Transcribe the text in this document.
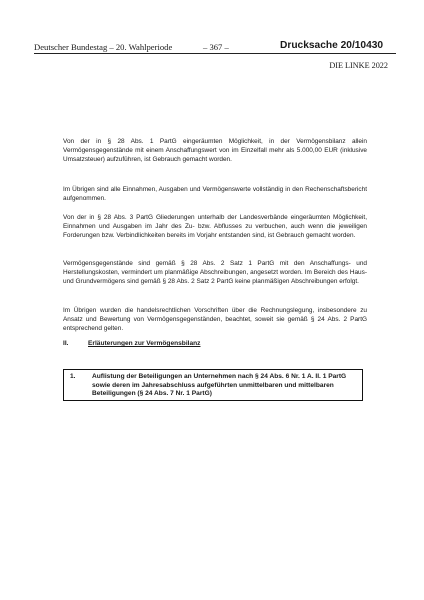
Deutscher Bundestag – 20. Wahlperiode	– 367 –	Drucksache 20/10430
DIE LINKE 2022
Von der in § 28 Abs. 1 PartG eingeräumten Möglichkeit, in der Vermögensbilanz allein Vermögensgegenstände mit einem Anschaffungswert von im Einzelfall mehr als 5.000,00 EUR (inklusive Umsatzsteuer) aufzuführen, ist Gebrauch gemacht worden.
Im Übrigen sind alle Einnahmen, Ausgaben und Vermögenswerte vollständig in den Rechenschaftsbericht aufgenommen.
Von der in § 28 Abs. 3 PartG Gliederungen unterhalb der Landesverbände eingeräumten Möglichkeit, Einnahmen und Ausgaben im Jahr des Zu- bzw. Abflusses zu verbuchen, auch wenn die jeweiligen Forderungen bzw. Verbindlichkeiten bereits im Vorjahr entstanden sind, ist Gebrauch gemacht worden.
Vermögensgegenstände sind gemäß § 28 Abs. 2 Satz 1 PartG mit den Anschaffungs- und Herstellungskosten, vermindert um planmäßige Abschreibungen, angesetzt worden. Im Bereich des Haus- und Grundvermögens sind gemäß § 28 Abs. 2 Satz 2 PartG keine planmäßigen Abschreibungen erfolgt.
Im Übrigen wurden die handelsrechtlichen Vorschriften über die Rechnungslegung, insbesondere zu Ansatz und Bewertung von Vermögensgegenständen, beachtet, soweit sie gemäß § 24 Abs. 2 PartG entsprechend gelten.
II.	Erläuterungen zur Vermögensbilanz
1.	Auflistung der Beteiligungen an Unternehmen nach § 24 Abs. 6 Nr. 1 A. II. 1 PartG sowie deren im Jahresabschluss aufgeführten unmittelbaren und mittelbaren Beteiligungen (§ 24 Abs. 7 Nr. 1 PartG)
